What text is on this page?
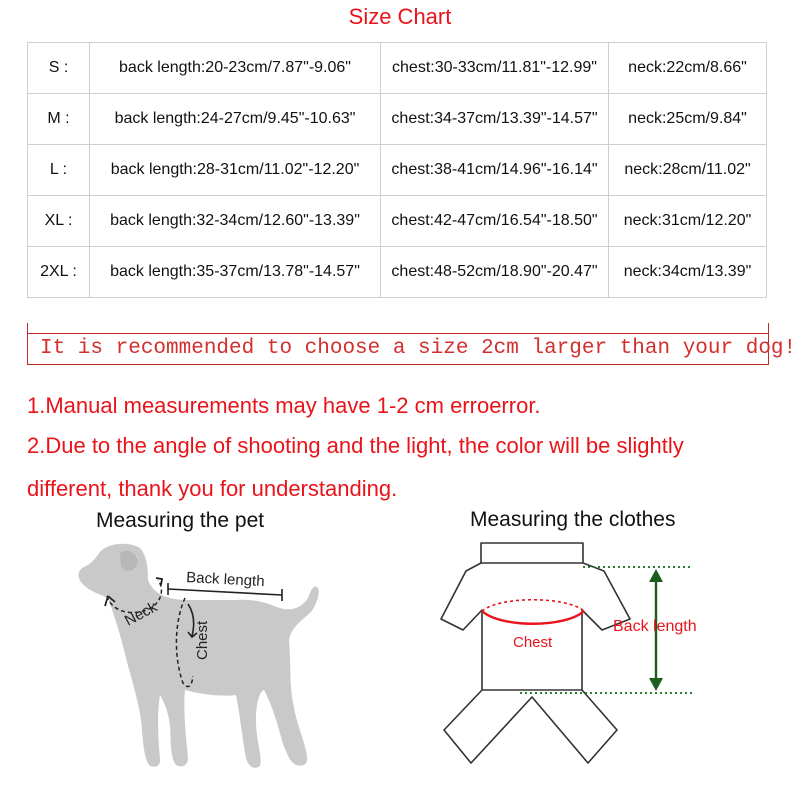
Size Chart
S :	back length:20-23cm/7.87"-9.06"	chest:30-33cm/11.81"-12.99"	neck:22cm/8.66"
M :	back length:24-27cm/9.45"-10.63"	chest:34-37cm/13.39"-14.57"	neck:25cm/9.84"
L :	back length:28-31cm/11.02"-12.20"	chest:38-41cm/14.96"-16.14"	neck:28cm/11.02"
XL :	back length:32-34cm/12.60"-13.39"	chest:42-47cm/16.54"-18.50"	neck:31cm/12.20"
2XL :	back length:35-37cm/13.78"-14.57"	chest:48-52cm/18.90"-20.47"	neck:34cm/13.39"
It is recommended to choose a size 2cm larger than your dog!
1.Manual measurements may have 1-2 cm erroerror.
2.Due to the angle of shooting and the light, the color will be slightly
different, thank you for understanding.
Measuring the pet	Measuring the clothes
Back length
Neck
Chest	Chest
Back length
